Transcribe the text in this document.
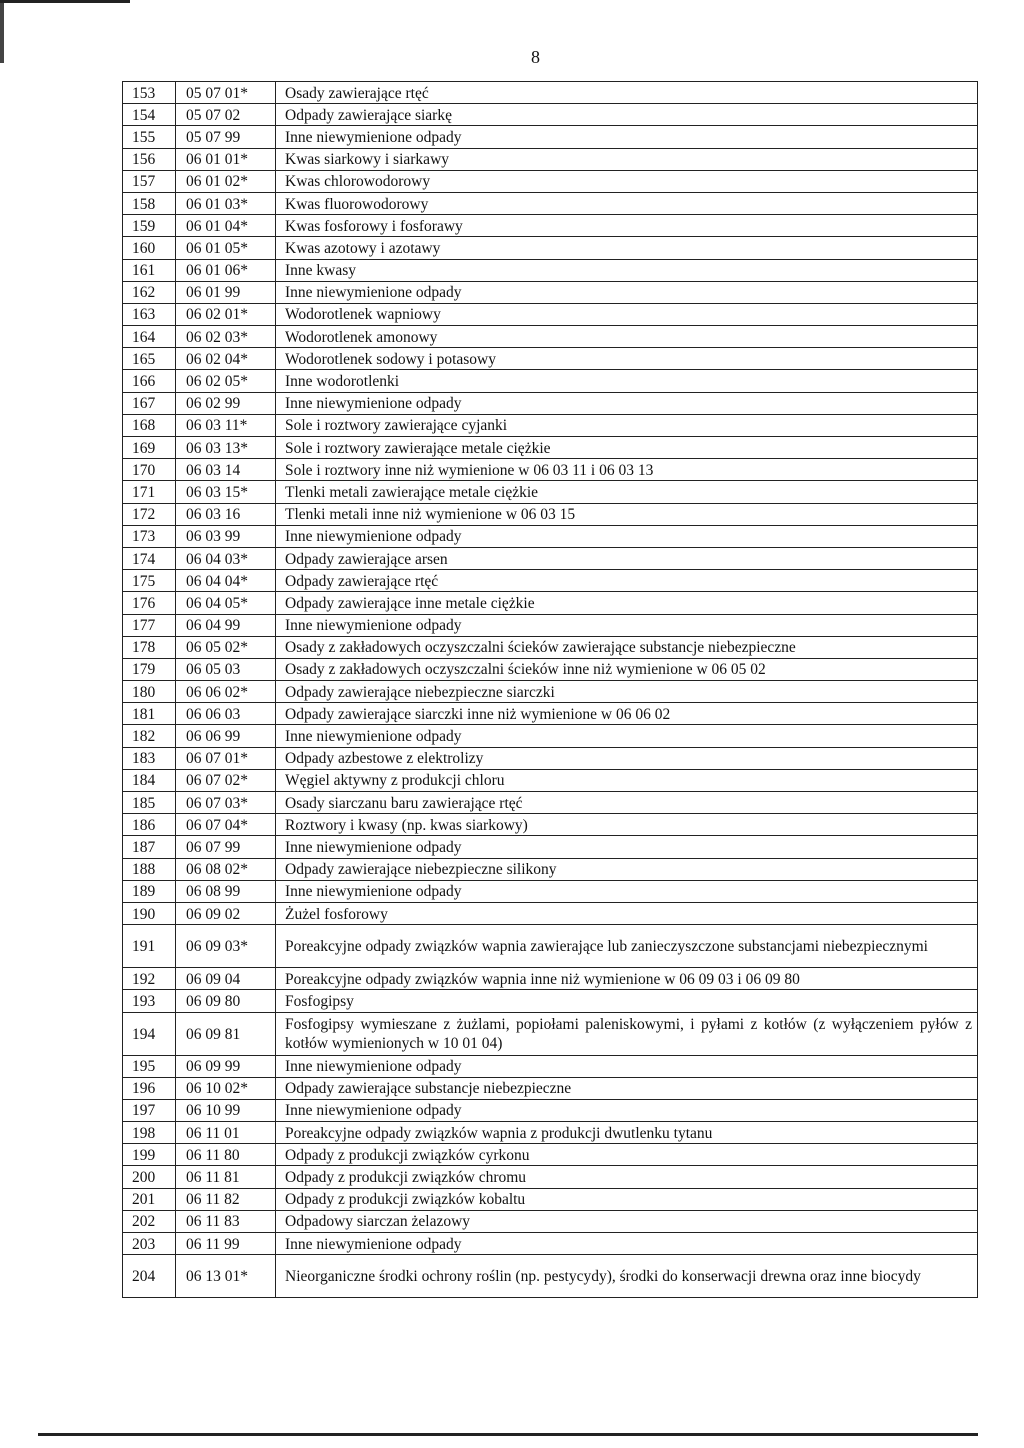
8
153	05 07 01*	Osady zawierające rtęć
154	05 07 02	Odpady zawierające siarkę
155	05 07 99	Inne niewymienione odpady
156	06 01 01*	Kwas siarkowy i siarkawy
157	06 01 02*	Kwas chlorowodorowy
158	06 01 03*	Kwas fluorowodorowy
159	06 01 04*	Kwas fosforowy i fosforawy
160	06 01 05*	Kwas azotowy i azotawy
161	06 01 06*	Inne kwasy
162	06 01 99	Inne niewymienione odpady
163	06 02 01*	Wodorotlenek wapniowy
164	06 02 03*	Wodorotlenek amonowy
165	06 02 04*	Wodorotlenek sodowy i potasowy
166	06 02 05*	Inne wodorotlenki
167	06 02 99	Inne niewymienione odpady
168	06 03 11*	Sole i roztwory zawierające cyjanki
169	06 03 13*	Sole i roztwory zawierające metale ciężkie
170	06 03 14	Sole i roztwory inne niż wymienione w 06 03 11 i 06 03 13
171	06 03 15*	Tlenki metali zawierające metale ciężkie
172	06 03 16	Tlenki metali inne niż wymienione w 06 03 15
173	06 03 99	Inne niewymienione odpady
174	06 04 03*	Odpady zawierające arsen
175	06 04 04*	Odpady zawierające rtęć
176	06 04 05*	Odpady zawierające inne metale ciężkie
177	06 04 99	Inne niewymienione odpady
178	06 05 02*	Osady z zakładowych oczyszczalni ścieków zawierające substancje niebezpieczne
179	06 05 03	Osady z zakładowych oczyszczalni ścieków inne niż wymienione w 06 05 02
180	06 06 02*	Odpady zawierające niebezpieczne siarczki
181	06 06 03	Odpady zawierające siarczki inne niż wymienione w 06 06 02
182	06 06 99	Inne niewymienione odpady
183	06 07 01*	Odpady azbestowe z elektrolizy
184	06 07 02*	Węgiel aktywny z produkcji chloru
185	06 07 03*	Osady siarczanu baru zawierające rtęć
186	06 07 04*	Roztwory i kwasy (np. kwas siarkowy)
187	06 07 99	Inne niewymienione odpady
188	06 08 02*	Odpady zawierające niebezpieczne silikony
189	06 08 99	Inne niewymienione odpady
190	06 09 02	Żużel fosforowy
191	06 09 03*	Poreakcyjne odpady związków wapnia zawierające lub zanieczyszczone substancjami niebezpiecznymi
192	06 09 04	Poreakcyjne odpady związków wapnia inne niż wymienione w 06 09 03 i 06 09 80
193	06 09 80	Fosfogipsy
194	06 09 81	Fosfogipsy wymieszane z żużlami, popiołami paleniskowymi, i pyłami z kotłów (z wyłączeniem pyłów z kotłów wymienionych w 10 01 04)
195	06 09 99	Inne niewymienione odpady
196	06 10 02*	Odpady zawierające substancje niebezpieczne
197	06 10 99	Inne niewymienione odpady
198	06 11 01	Poreakcyjne odpady związków wapnia z produkcji dwutlenku tytanu
199	06 11 80	Odpady z produkcji związków cyrkonu
200	06 11 81	Odpady z produkcji związków chromu
201	06 11 82	Odpady z produkcji związków kobaltu
202	06 11 83	Odpadowy siarczan żelazowy
203	06 11 99	Inne niewymienione odpady
204	06 13 01*	Nieorganiczne środki ochrony roślin (np. pestycydy), środki do konserwacji drewna oraz inne biocydy
